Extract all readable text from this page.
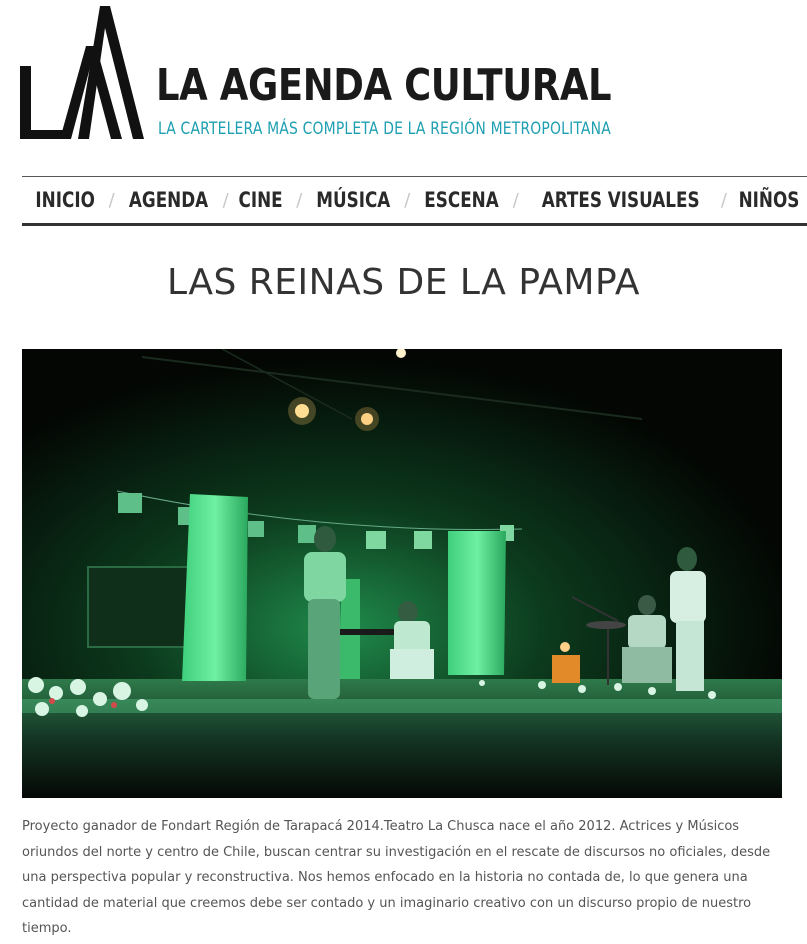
LA AGENDA CULTURAL

LA CARTELERA MÁS COMPLETA DE LA REGIÓN METROPOLITANA

INICIO / AGENDA / CINE / MÚSICA / ESCENA / ARTES VISUALES / NIÑOS
LAS REINAS DE LA PAMPA

Proyecto ganador de Fondart Región de Tarapacá 2014.Teatro La Chusca nace el año 2012. Actrices y Músicos oriundos del norte y centro de Chile, buscan centrar su investigación en el rescate de discursos no oficiales, desde una perspectiva popular y reconstructiva. Nos hemos enfocado en la historia no contada de, lo que genera una cantidad de material que creemos debe ser contado y un imaginario creativo con un discurso propio de nuestro tiempo.
